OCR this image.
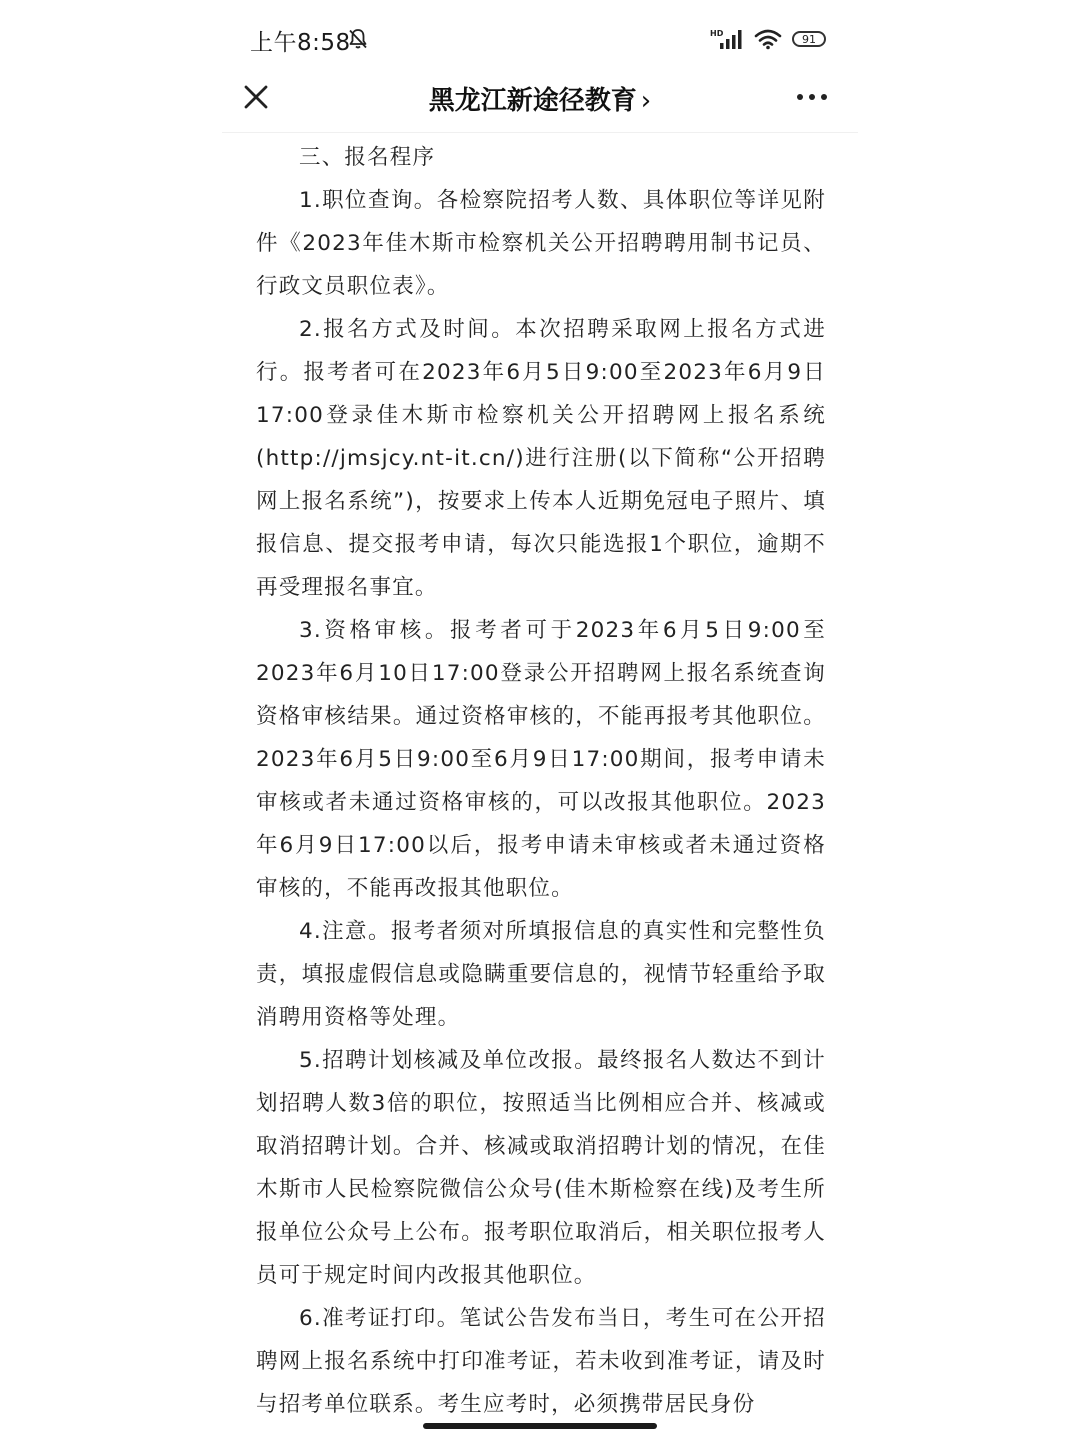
上午8:58	HD	91
黑龙江新途径教育 ›

三、报名程序

1.职位查询。各检察院招考人数、具体职位等详见附件《2023年佳木斯市检察机关公开招聘聘用制书记员、行政文员职位表》。

2.报名方式及时间。本次招聘采取网上报名方式进行。报考者可在2023年6月5日9:00至2023年6月9日17:00登录佳木斯市检察机关公开招聘网上报名系统(http://jmsjcy.nt-it.cn/)进行注册(以下简称“公开招聘网上报名系统”)，按要求上传本人近期免冠电子照片、填报信息、提交报考申请，每次只能选报1个职位，逾期不再受理报名事宜。

3.资格审核。报考者可于2023年6月5日9:00至2023年6月10日17:00登录公开招聘网上报名系统查询资格审核结果。通过资格审核的，不能再报考其他职位。2023年6月5日9:00至6月9日17:00期间，报考申请未审核或者未通过资格审核的，可以改报其他职位。2023年6月9日17:00以后，报考申请未审核或者未通过资格审核的，不能再改报其他职位。

4.注意。报考者须对所填报信息的真实性和完整性负责，填报虚假信息或隐瞒重要信息的，视情节轻重给予取消聘用资格等处理。

5.招聘计划核减及单位改报。最终报名人数达不到计划招聘人数3倍的职位，按照适当比例相应合并、核减或取消招聘计划。合并、核减或取消招聘计划的情况，在佳木斯市人民检察院微信公众号(佳木斯检察在线)及考生所报单位公众号上公布。报考职位取消后，相关职位报考人员可于规定时间内改报其他职位。

6.准考证打印。笔试公告发布当日，考生可在公开招聘网上报名系统中打印准考证，若未收到准考证，请及时与招考单位联系。考生应考时，必须携带居民身份
